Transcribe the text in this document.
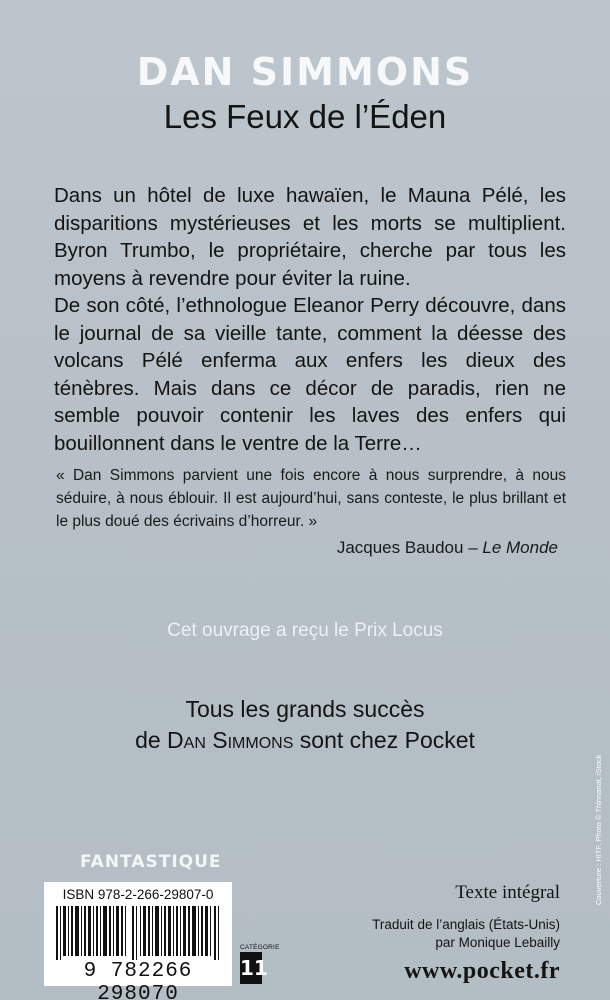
DAN SIMMONS
Les Feux de l’Éden

Dans un hôtel de luxe hawaïen, le Mauna Pélé, les disparitions mystérieuses et les morts se multiplient. Byron Trumbo, le propriétaire, cherche par tous les moyens à revendre pour éviter la ruine.

De son côté, l’ethnologue Eleanor Perry découvre, dans le journal de sa vieille tante, comment la déesse des volcans Pélé enferma aux enfers les dieux des ténèbres. Mais dans ce décor de paradis, rien ne semble pouvoir contenir les laves des enfers qui bouillonnent dans le ventre de la Terre…

« Dan Simmons parvient une fois encore à nous surprendre, à nous séduire, à nous éblouir. Il est aujourd’hui, sans conteste, le plus brillant et le plus doué des écrivains d’horreur. »

Jacques Baudou – Le Monde
Cet ouvrage a reçu le Prix Locus
Tous les grands succès
de Dan Simmons sont chez Pocket
FANTASTIQUE
ISBN 978-2-266-29807-0
9 782266 298070
CATÉGORIE
11
Texte intégral
Traduit de l’anglais (États-Unis)
par Monique Lebailly
www.pocket.fr
Couverture : HITF. Photo © Thinnanat, iStock
